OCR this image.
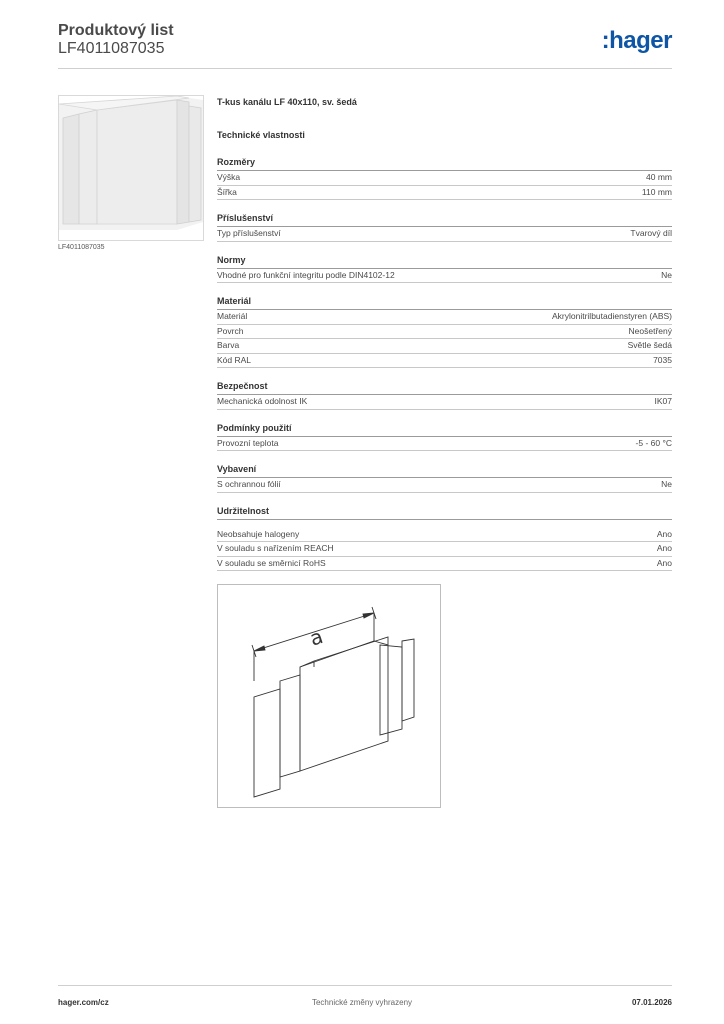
Produktový list
LF4011087035	:hager
LF4011087035
T-kus kanálu LF 40x110, sv. šedá
Technické vlastnosti
Rozměry
Výška	40 mm
Šířka	110 mm
Příslušenství
Typ příslušenství	Tvarový díl
Normy
Vhodné pro funkční integritu podle DIN4102-12	Ne
Materiál
Materiál	Akrylonitrilbutadienstyren (ABS)
Povrch	Neošetřený
Barva	Světle šedá
Kód RAL	7035
Bezpečnost
Mechanická odolnost IK	IK07
Podmínky použití
Provozní teplota	-5 - 60 °C
Vybavení
S ochrannou fólií	Ne
Udržitelnost
Neobsahuje halogeny	Ano
V souladu s nařízením REACH	Ano
V souladu se směrnicí RoHS	Ano
a
hager.com/cz	Technické změny vyhrazeny	07.01.2026
